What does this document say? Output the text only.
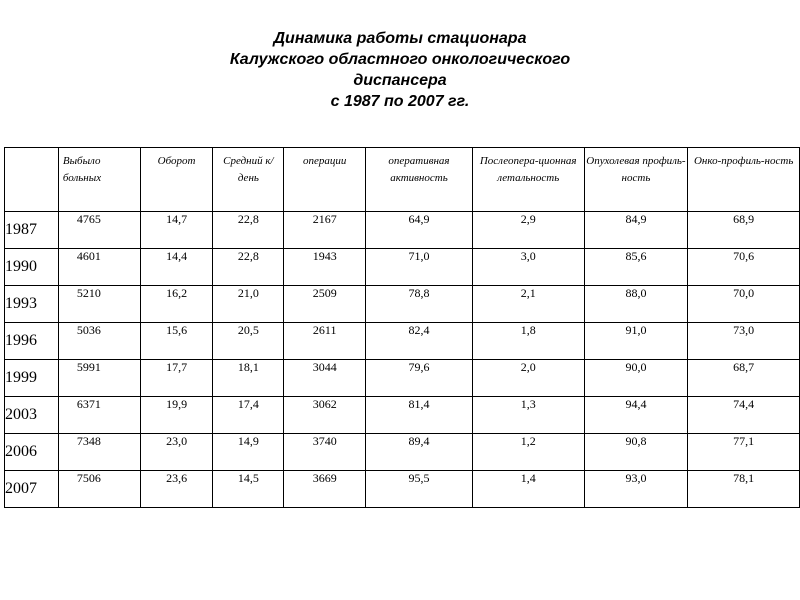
Динамика работы стационара
Калужского областного онкологического
диспансера
с 1987 по 2007 гг.
	Выбыло больных	Оборот	Средний к/день	операции	оперативная активность	Послеопера-ционная летальность	Опухолевая профиль-ность	Онко-профиль-ность
1987	4765	14,7	22,8	2167	64,9	2,9	84,9	68,9
1990	4601	14,4	22,8	1943	71,0	3,0	85,6	70,6
1993	5210	16,2	21,0	2509	78,8	2,1	88,0	70,0
1996	5036	15,6	20,5	2611	82,4	1,8	91,0	73,0
1999	5991	17,7	18,1	3044	79,6	2,0	90,0	68,7
2003	6371	19,9	17,4	3062	81,4	1,3	94,4	74,4
2006	7348	23,0	14,9	3740	89,4	1,2	90,8	77,1
2007	7506	23,6	14,5	3669	95,5	1,4	93,0	78,1
